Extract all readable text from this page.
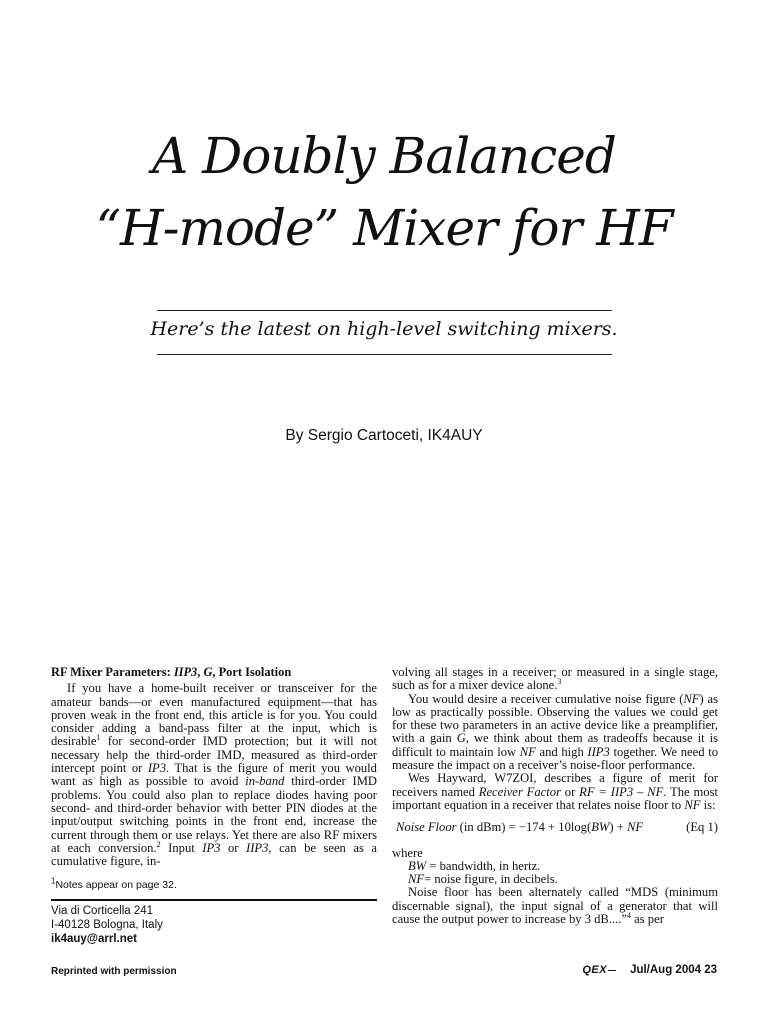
A Doubly Balanced
“H-mode” Mixer for HF

Here’s the latest on high-level switching mixers.

By Sergio Cartoceti, IK4AUY

RF Mixer Parameters: IIP3, G, Port Isolation

If you have a home-built receiver or transceiver for the amateur bands—or even manufactured equipment—that has proven weak in the front end, this article is for you. You could consider adding a band-pass filter at the input, which is desirable$^1$ for second-order IMD protection; but it will not necessary help the third-order IMD, measured as third-order intercept point or IP3. That is the figure of merit you would want as high as possible to avoid in-band third-order IMD problems. You could also plan to replace diodes having poor second- and third-order behavior with better PIN diodes at the input/output switching points in the front end, increase the current through them or use relays. Yet there are also RF mixers at each conversion.$^2$ Input IP3 or IIP3, can be seen as a cumulative figure, in-

volving all stages in a receiver; or measured in a single stage, such as for a mixer device alone.$^3$

You would desire a receiver cumulative noise figure (NF) as low as practically possible. Observing the values we could get for these two parameters in an active device like a preamplifier, with a gain G, we think about them as tradeoffs because it is difficult to maintain low NF and high IIP3 together. We need to measure the impact on a receiver’s noise-floor performance.

Wes Hayward, W7ZOI, describes a figure of merit for receivers named Receiver Factor or RF = IIP3 – NF. The most important equation in a receiver that relates noise floor to NF is:

Noise Floor (in dBm) = −174 + 10log(BW) + NF	(Eq 1)

where

BW = bandwidth, in hertz.

NF= noise figure, in decibels.

Noise floor has been alternately called “MDS (minimum discernable signal), the input signal of a generator that will cause the output power to increase by 3 dB....”$^4$ as per

$^1$Notes appear on page 32.

Via di Corticella 241
I-40128 Bologna, Italy
ik4auy@arrl.net

Reprinted with permission	QEX	Jul/Aug 2004 23
